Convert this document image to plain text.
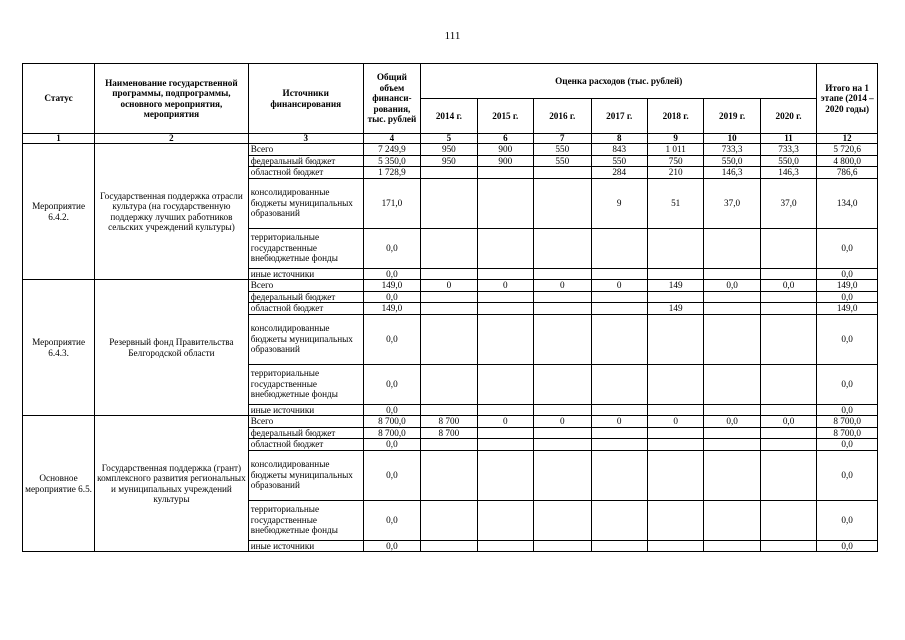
111
Статус	Наименование государственной программы, подпрограммы, основного мероприятия, мероприятия	Источники финансирования	Общий объем финанси- рования, тыс. рублей	Оценка расходов (тыс. рублей)							Итого на 1 этапе (2014 – 2020 годы)
				2014 г.	2015 г.	2016 г.	2017 г.	2018 г.	2019 г.	2020 г.	
1	2	3	4	5	6	7	8	9	10	11	12
Мероприятие 6.4.2.	Государственная поддержка отрасли культура (на государственную поддержку лучших работников сельских учреждений культуры)	Всего	7 249,9	950	900	550	843	1 011	733,3	733,3	5 720,6
		федеральный бюджет	5 350,0	950	900	550	550	750	550,0	550,0	4 800,0
		областной бюджет	1 728,9				284	210	146,3	146,3	786,6
		консолидированные бюджеты муниципальных образований	171,0				9	51	37,0	37,0	134,0
		территориальные государственные внебюджетные фонды	0,0								0,0
		иные источники	0,0								0,0
Мероприятие 6.4.3.	Резервный фонд Правительства Белгородской области	Всего	149,0	0	0	0	0	149	0,0	0,0	149,0
		федеральный бюджет	0,0								0,0
		областной бюджет	149,0					149			149,0
		консолидированные бюджеты муниципальных образований	0,0								0,0
		территориальные государственные внебюджетные фонды	0,0								0,0
		иные источники	0,0								0,0
Основное мероприятие 6.5.	Государственная поддержка (грант) комплексного развития региональных и муниципальных учреждений культуры	Всего	8 700,0	8 700	0	0	0	0	0,0	0,0	8 700,0
		федеральный бюджет	8 700,0	8 700							8 700,0
		областной бюджет	0,0								0,0
		консолидированные бюджеты муниципальных образований	0,0								0,0
		территориальные государственные внебюджетные фонды	0,0								0,0
		иные источники	0,0								0,0
